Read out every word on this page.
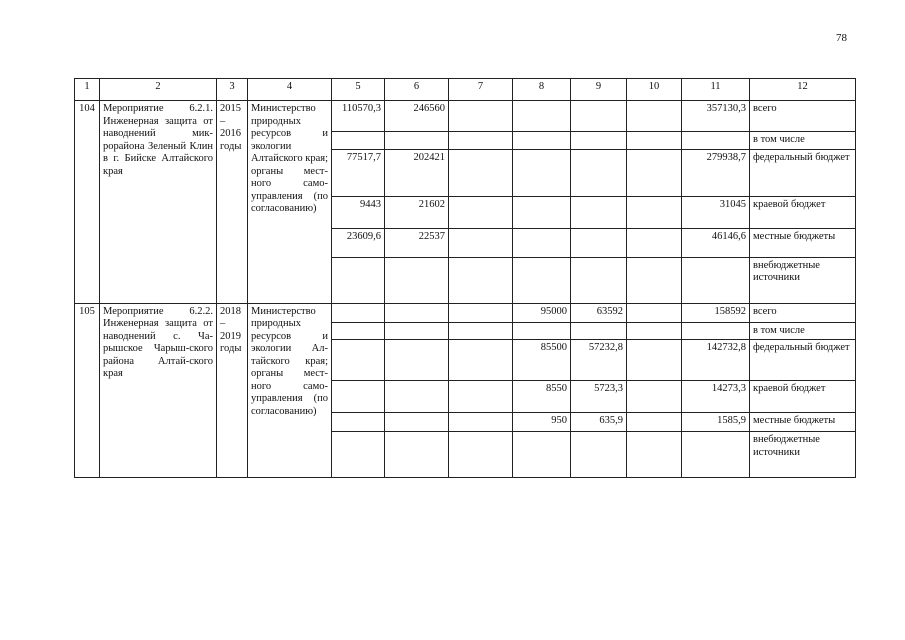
78
1	2	3	4	5	6	7	8	9	10	11	12
104	Мероприятие 6.2.1. Инженерная защита от наводнений мик-рорайона Зеленый Клин в г. Бийске Алтайского края	2015 – 2016 годы	Министерство природных ресурсов и экологии Алтайского края; органы мест-ного само-управления (по согласованию)	110570,3	246560					357130,3	всего
											в том числе
				77517,7	202421					279938,7	федеральный бюджет
				9443	21602					31045	краевой бюджет
				23609,6	22537					46146,6	местные бюджеты
											внебюджетные источники
105	Мероприятие 6.2.2. Инженерная защита от наводнений с. Ча-рышское Чарыш-ского района Алтай-ского края	2018 – 2019 годы	Министерство природных ресурсов и экологии Ал-тайского края; органы мест-ного само-управления (по согласованию)				95000	63592		158592	всего
											в том числе
							85500	57232,8		142732,8	федеральный бюджет
							8550	5723,3		14273,3	краевой бюджет
							950	635,9		1585,9	местные бюджеты
											внебюджетные источники
